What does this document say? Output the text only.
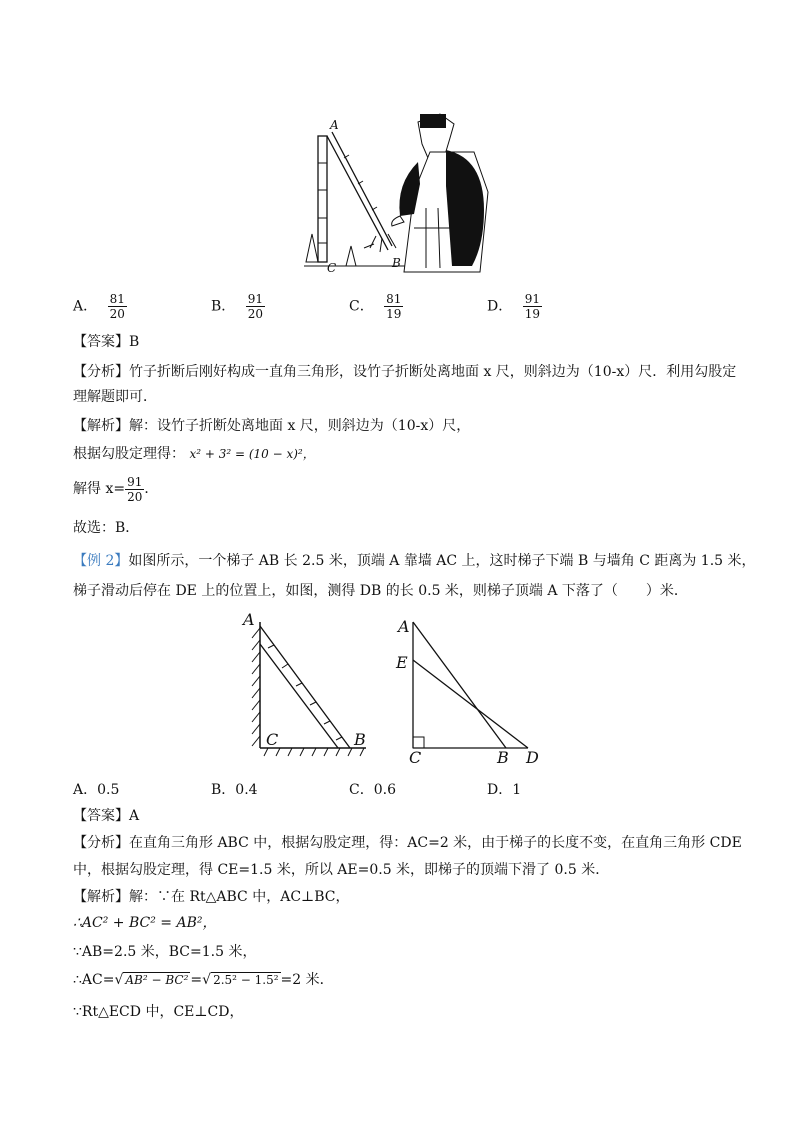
A
C	B
A． $\frac{81}{20}$	B． $\frac{91}{20}$	C． $\frac{81}{19}$	D． $\frac{91}{19}$
【答案】B
【分析】竹子折断后刚好构成一直角三角形，设竹子折断处离地面 x 尺，则斜边为（10-x）尺．利用勾股定
理解题即可．
【解析】解：设竹子折断处离地面 x 尺，则斜边为（10-x）尺，
根据勾股定理得： x² + 3² = (10 − x)²，
解得 $x= \frac{91}{20}$ ．
故选：B．
【例 2】如图所示，一个梯子 AB 长 2.5 米，顶端 A 靠墙 AC 上，这时梯子下端 B 与墙角 C 距离为 1.5 米，
梯子滑动后停在 DE 上的位置上，如图，测得 DB 的长 0.5 米，则梯子顶端 A 下落了（　　）米．
A
C	B
A
E
C	B D
A．0.5	B．0.4	C．0.6	D．1
【答案】A
【分析】在直角三角形 ABC 中，根据勾股定理，得：AC=2 米，由于梯子的长度不变，在直角三角形 CDE
中，根据勾股定理，得 CE=1.5 米，所以 AE=0.5 米，即梯子的顶端下滑了 0.5 米．
【解析】解：∵在 Rt△ABC 中，AC⊥BC，
∴AC² + BC² = AB²，
∵AB=2.5 米，BC=1.5 米，
∴AC=√ AB² − BC² =√ 2.5² − 1.5² =2 米．
∵Rt△ECD 中，CE⊥CD，
